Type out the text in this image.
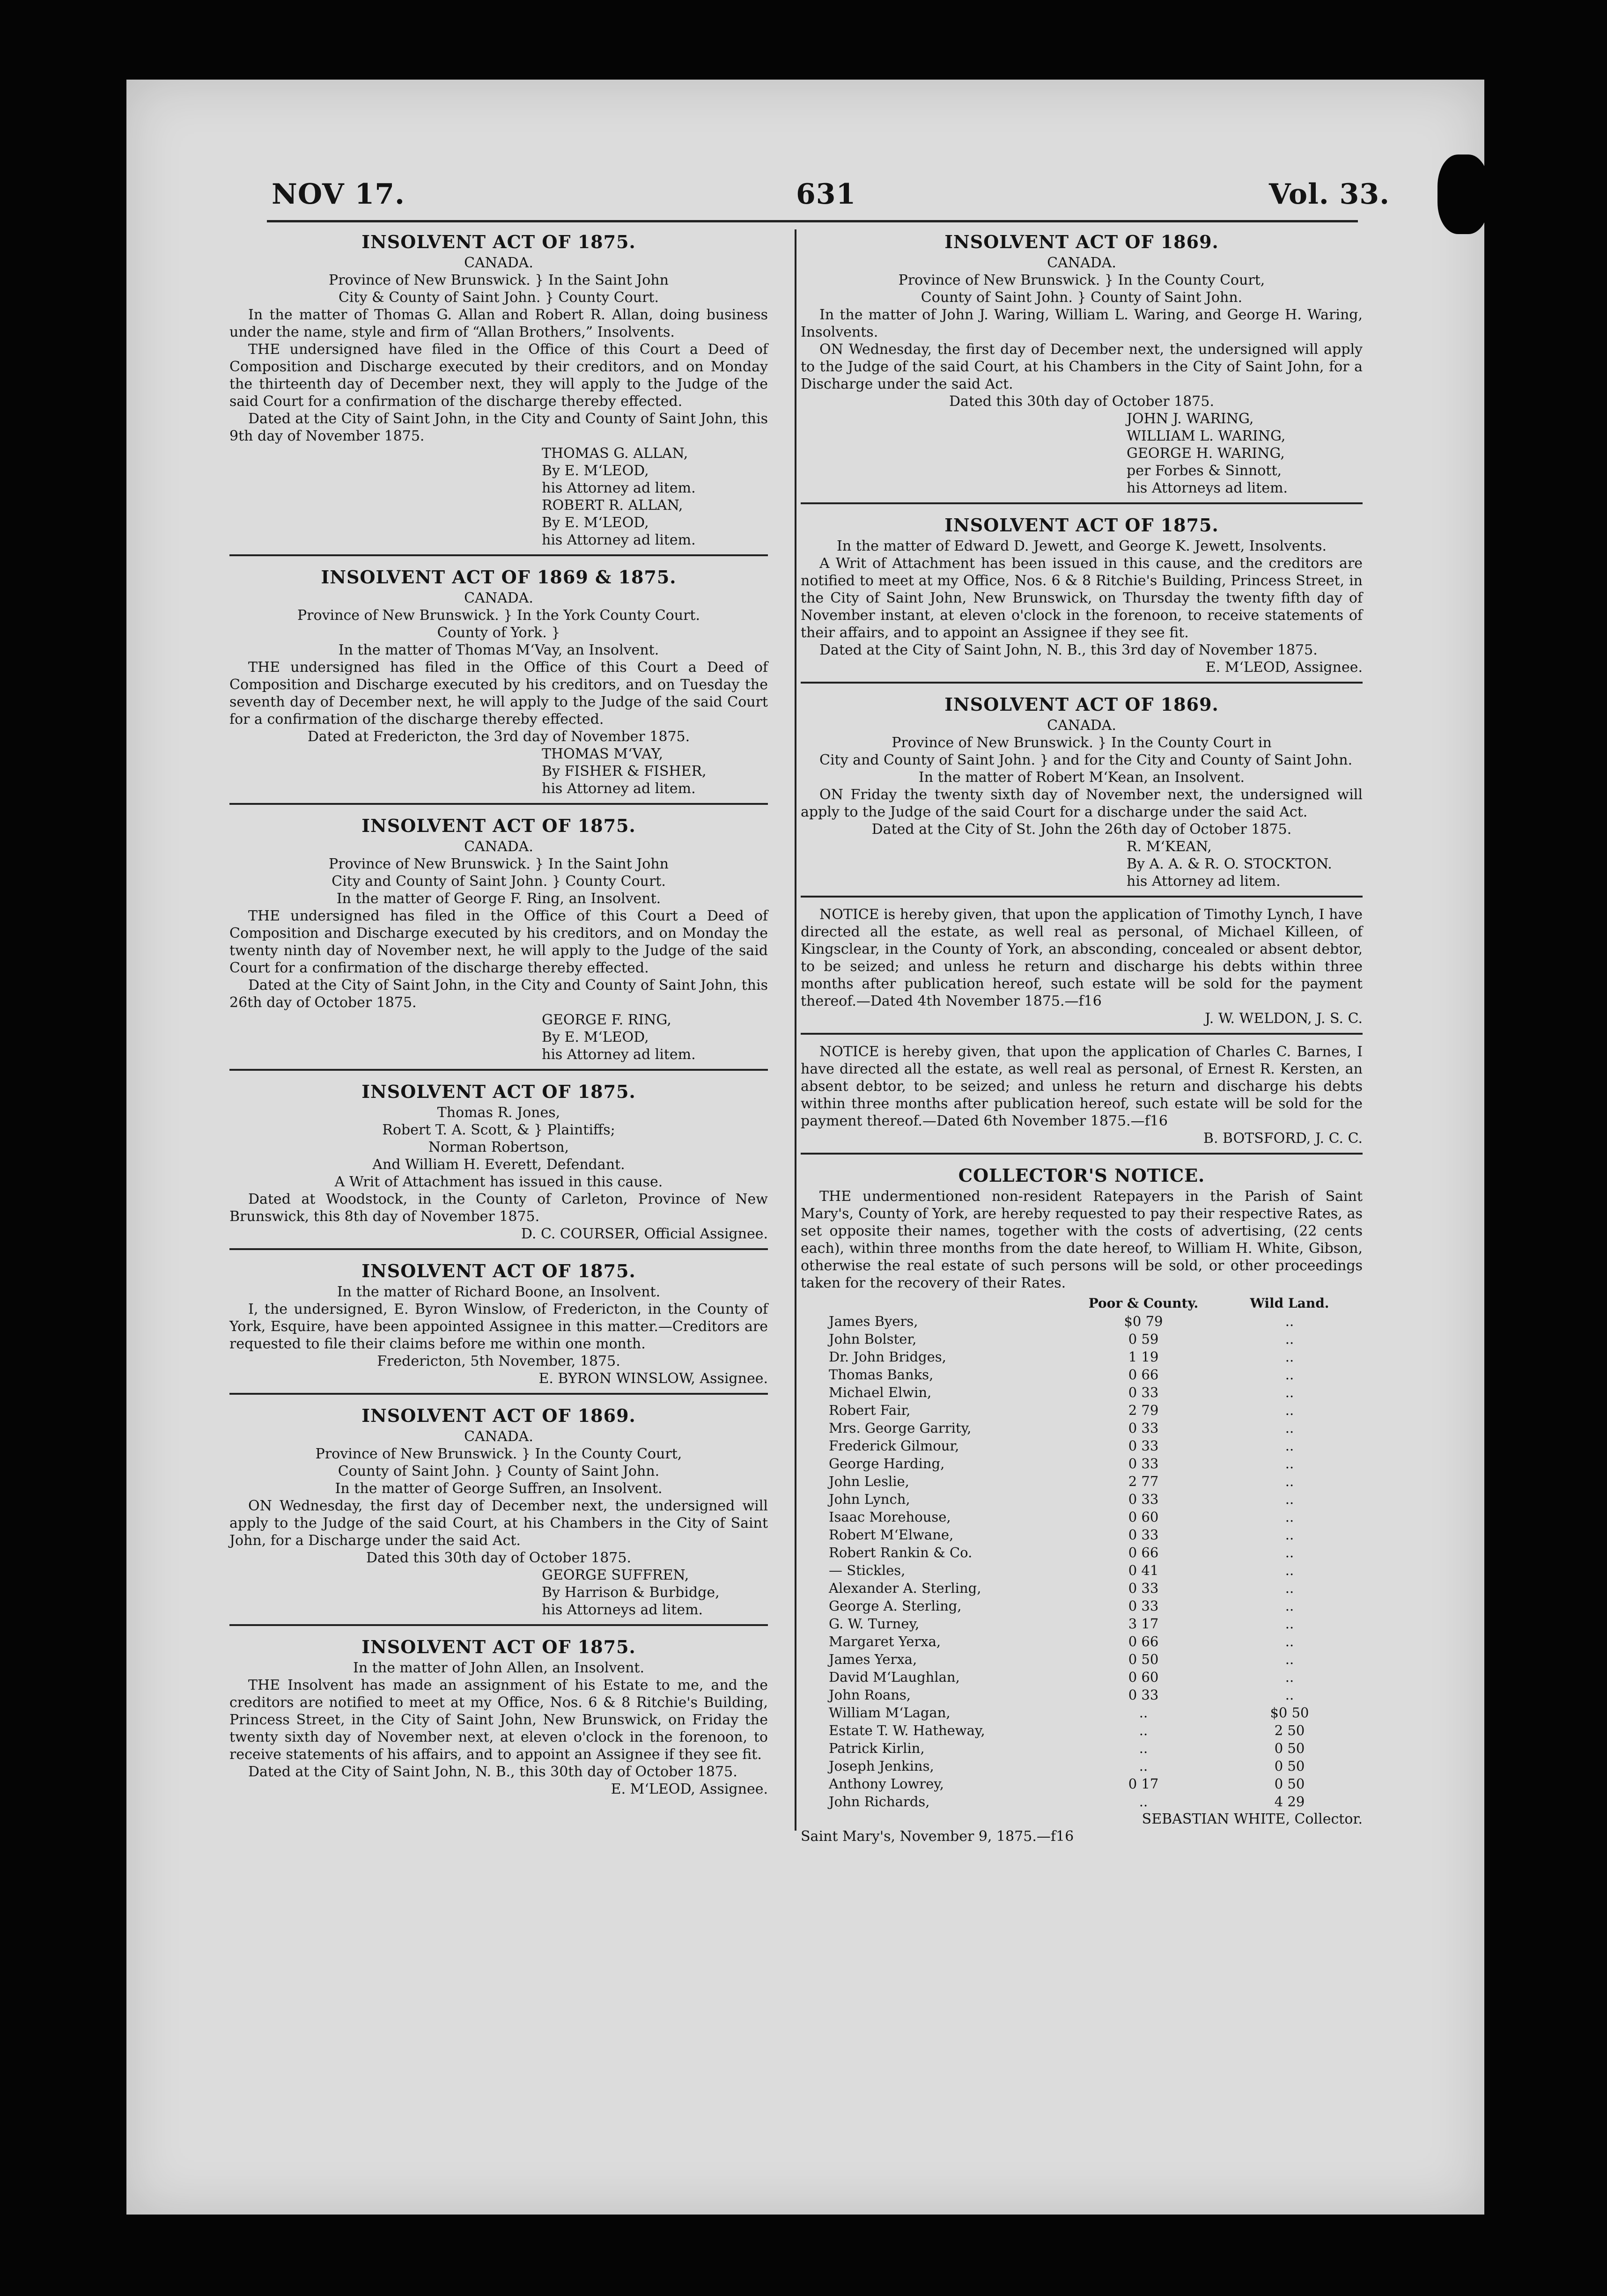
NOV 17.	631	Vol. 33.
INSOLVENT ACT OF 1875.

CANADA.

Province of New Brunswick. } In the Saint John

City & County of Saint John. } County Court.

In the matter of Thomas G. Allan and Robert R. Allan, doing business under the name, style and firm of “Allan Brothers,” Insolvents.

THE undersigned have filed in the Office of this Court a Deed of Composition and Discharge executed by their creditors, and on Monday the thirteenth day of December next, they will apply to the Judge of the said Court for a confirmation of the discharge thereby effected.

Dated at the City of Saint John, in the City and County of Saint John, this 9th day of November 1875.

THOMAS G. ALLAN,

By E. M‘LEOD,

his Attorney ad litem.

ROBERT R. ALLAN,

By E. M‘LEOD,

his Attorney ad litem.

INSOLVENT ACT OF 1869 & 1875.

CANADA.

Province of New Brunswick. } In the York County Court.

County of York. }

In the matter of Thomas M‘Vay, an Insolvent.

THE undersigned has filed in the Office of this Court a Deed of Composition and Discharge executed by his creditors, and on Tuesday the seventh day of December next, he will apply to the Judge of the said Court for a confirmation of the discharge thereby effected.

Dated at Fredericton, the 3rd day of November 1875.

THOMAS M‘VAY,

By FISHER & FISHER,

his Attorney ad litem.

INSOLVENT ACT OF 1875.

CANADA.

Province of New Brunswick. } In the Saint John

City and County of Saint John. } County Court.

In the matter of George F. Ring, an Insolvent.

THE undersigned has filed in the Office of this Court a Deed of Composition and Discharge executed by his creditors, and on Monday the twenty ninth day of November next, he will apply to the Judge of the said Court for a confirmation of the discharge thereby effected.

Dated at the City of Saint John, in the City and County of Saint John, this 26th day of October 1875.

GEORGE F. RING,

By E. M‘LEOD,

his Attorney ad litem.

INSOLVENT ACT OF 1875.

Thomas R. Jones,

Robert T. A. Scott, & } Plaintiffs;

Norman Robertson,

And William H. Everett, Defendant.

A Writ of Attachment has issued in this cause.

Dated at Woodstock, in the County of Carleton, Province of New Brunswick, this 8th day of November 1875.

D. C. COURSER, Official Assignee.

INSOLVENT ACT OF 1875.

In the matter of Richard Boone, an Insolvent.

I, the undersigned, E. Byron Winslow, of Fredericton, in the County of York, Esquire, have been appointed Assignee in this matter.—Creditors are requested to file their claims before me within one month.

Fredericton, 5th November, 1875.

E. BYRON WINSLOW, Assignee.

INSOLVENT ACT OF 1869.

CANADA.

Province of New Brunswick. } In the County Court,

County of Saint John. } County of Saint John.

In the matter of George Suffren, an Insolvent.

ON Wednesday, the first day of December next, the undersigned will apply to the Judge of the said Court, at his Chambers in the City of Saint John, for a Discharge under the said Act.

Dated this 30th day of October 1875.

GEORGE SUFFREN,

By Harrison & Burbidge,

his Attorneys ad litem.

INSOLVENT ACT OF 1875.

In the matter of John Allen, an Insolvent.

THE Insolvent has made an assignment of his Estate to me, and the creditors are notified to meet at my Office, Nos. 6 & 8 Ritchie's Building, Princess Street, in the City of Saint John, New Brunswick, on Friday the twenty sixth day of November next, at eleven o'clock in the forenoon, to receive statements of his affairs, and to appoint an Assignee if they see fit.

Dated at the City of Saint John, N. B., this 30th day of October 1875.

E. M‘LEOD, Assignee.

INSOLVENT ACT OF 1869.

CANADA.

Province of New Brunswick. } In the County Court,

County of Saint John. } County of Saint John.

In the matter of John J. Waring, William L. Waring, and George H. Waring, Insolvents.

ON Wednesday, the first day of December next, the undersigned will apply to the Judge of the said Court, at his Chambers in the City of Saint John, for a Discharge under the said Act.

Dated this 30th day of October 1875.

JOHN J. WARING,

WILLIAM L. WARING,

GEORGE H. WARING,

per Forbes & Sinnott,

his Attorneys ad litem.

INSOLVENT ACT OF 1875.

In the matter of Edward D. Jewett, and George K. Jewett, Insolvents.

A Writ of Attachment has been issued in this cause, and the creditors are notified to meet at my Office, Nos. 6 & 8 Ritchie's Building, Princess Street, in the City of Saint John, New Brunswick, on Thursday the twenty fifth day of November instant, at eleven o'clock in the forenoon, to receive statements of their affairs, and to appoint an Assignee if they see fit.

Dated at the City of Saint John, N. B., this 3rd day of November 1875.

E. M‘LEOD, Assignee.

INSOLVENT ACT OF 1869.

CANADA.

Province of New Brunswick. } In the County Court in

City and County of Saint John. } and for the City and County of Saint John.

In the matter of Robert M‘Kean, an Insolvent.

ON Friday the twenty sixth day of November next, the undersigned will apply to the Judge of the said Court for a discharge under the said Act.

Dated at the City of St. John the 26th day of October 1875.

R. M‘KEAN,

By A. A. & R. O. STOCKTON.

his Attorney ad litem.

NOTICE is hereby given, that upon the application of Timothy Lynch, I have directed all the estate, as well real as personal, of Michael Killeen, of Kingsclear, in the County of York, an absconding, concealed or absent debtor, to be seized; and unless he return and discharge his debts within three months after publication hereof, such estate will be sold for the payment thereof.—Dated 4th November 1875.—f16

J. W. WELDON, J. S. C.

NOTICE is hereby given, that upon the application of Charles C. Barnes, I have directed all the estate, as well real as personal, of Ernest R. Kersten, an absent debtor, to be seized; and unless he return and discharge his debts within three months after publication hereof, such estate will be sold for the payment thereof.—Dated 6th November 1875.—f16

B. BOTSFORD, J. C. C.

COLLECTOR'S NOTICE.

THE undermentioned non-resident Ratepayers in the Parish of Saint Mary's, County of York, are hereby requested to pay their respective Rates, as set opposite their names, together with the costs of advertising, (22 cents each), within three months from the date hereof, to William H. White, Gibson, otherwise the real estate of such persons will be sold, or other proceedings taken for the recovery of their Rates.

	Poor & County.	Wild Land.
James Byers,	$0 79	..
John Bolster,	0 59	..
Dr. John Bridges,	1 19	..
Thomas Banks,	0 66	..
Michael Elwin,	0 33	..
Robert Fair,	2 79	..
Mrs. George Garrity,	0 33	..
Frederick Gilmour,	0 33	..
George Harding,	0 33	..
John Leslie,	2 77	..
John Lynch,	0 33	..
Isaac Morehouse,	0 60	..
Robert M‘Elwane,	0 33	..
Robert Rankin & Co.	0 66	..
— Stickles,	0 41	..
Alexander A. Sterling,	0 33	..
George A. Sterling,	0 33	..
G. W. Turney,	3 17	..
Margaret Yerxa,	0 66	..
James Yerxa,	0 50	..
David M‘Laughlan,	0 60	..
John Roans,	0 33	..
William M‘Lagan,	..	$0 50
Estate T. W. Hatheway,	..	2 50
Patrick Kirlin,	..	0 50
Joseph Jenkins,	..	0 50
Anthony Lowrey,	0 17	0 50
John Richards,	..	4 29

SEBASTIAN WHITE, Collector.

Saint Mary's, November 9, 1875.—f16
